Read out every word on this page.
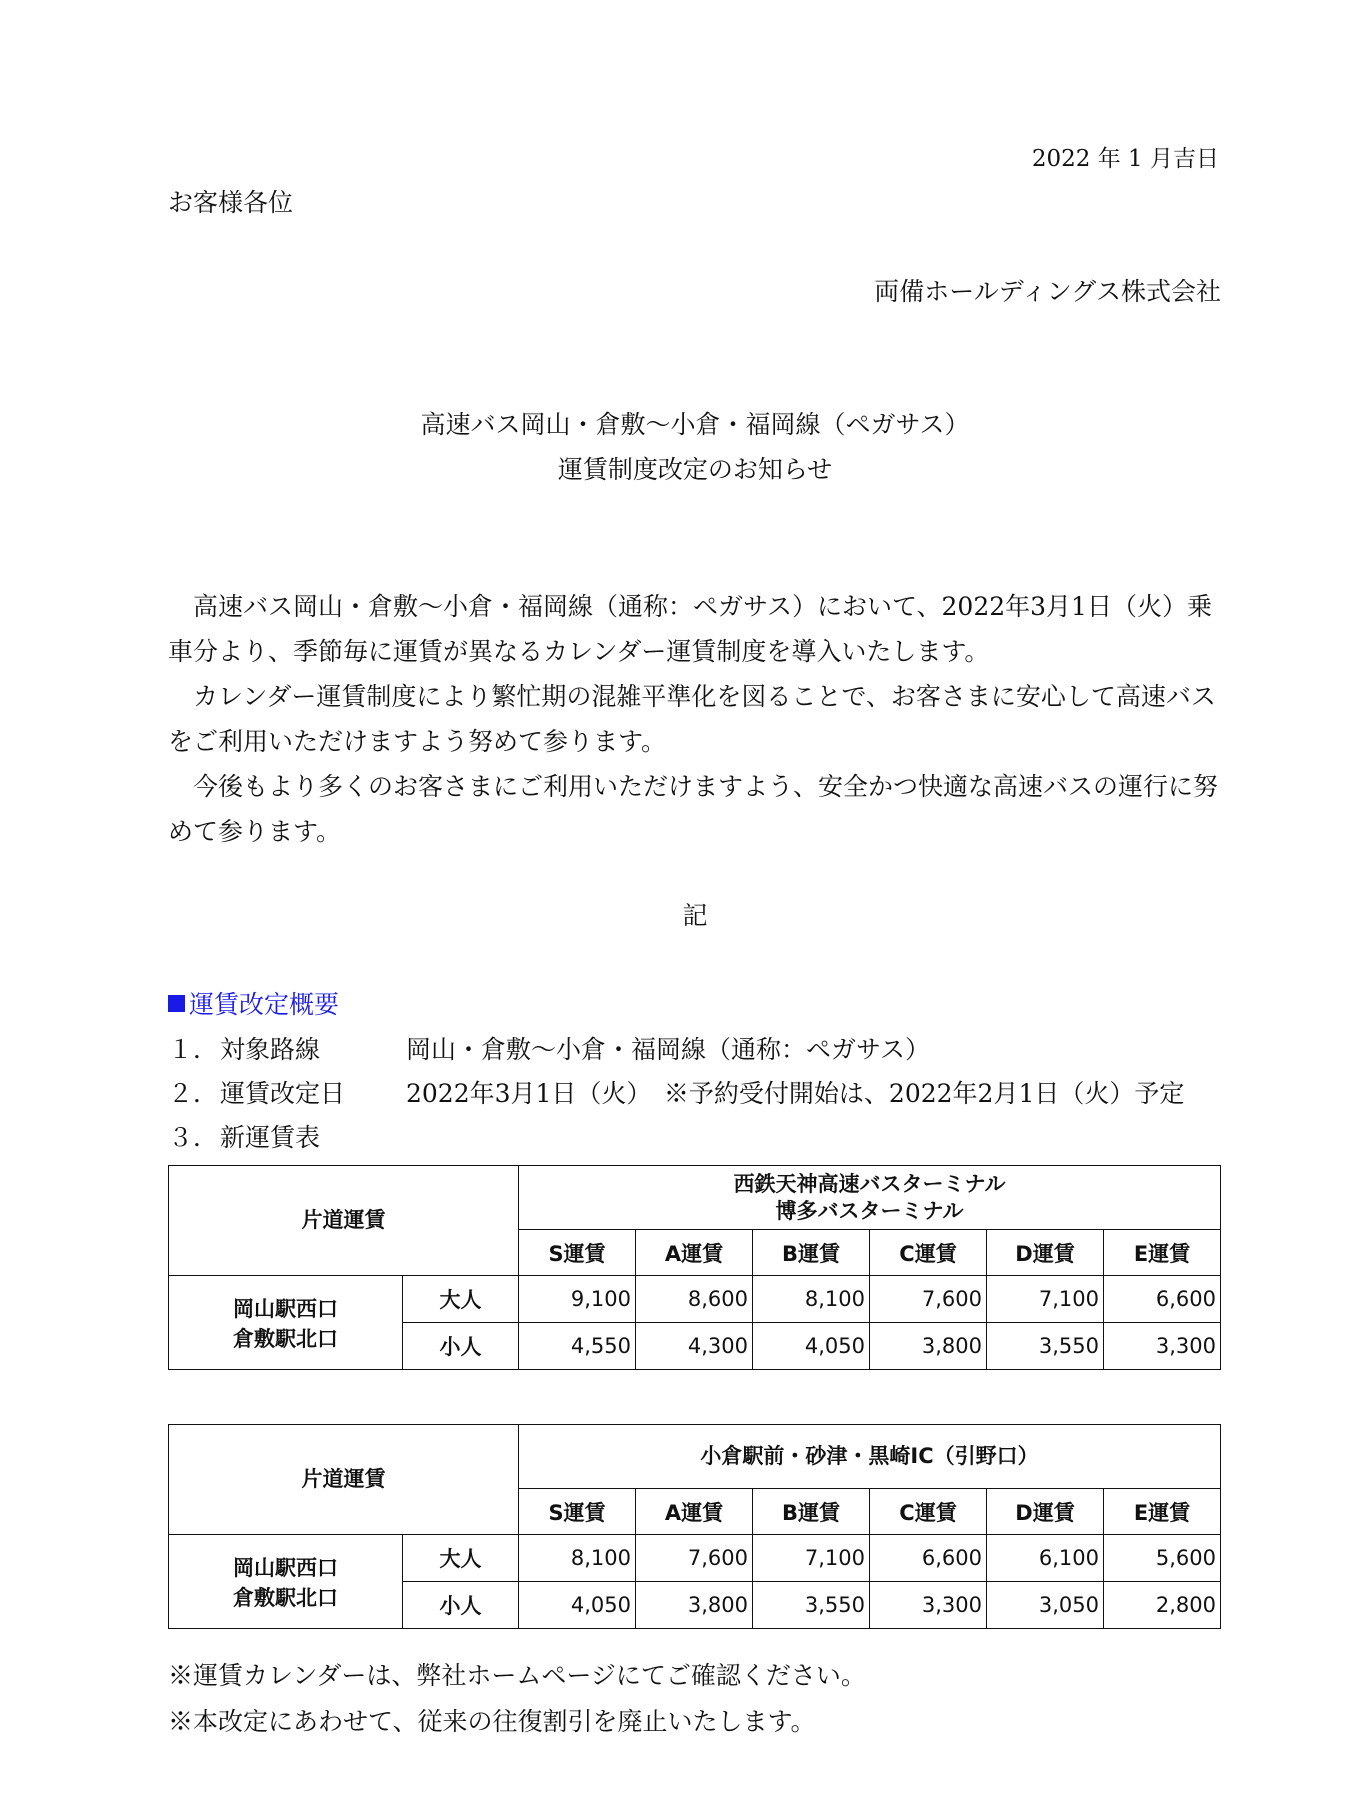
2022 年 1 月吉日
お客様各位
両備ホールディングス株式会社
高速バス岡山・倉敷～小倉・福岡線（ペガサス）
運賃制度改定のお知らせ

高速バス岡山・倉敷～小倉・福岡線（通称：ペガサス）において、2022年3月1日（火）乗車分より、季節毎に運賃が異なるカレンダー運賃制度を導入いたします。

カレンダー運賃制度により繁忙期の混雑平準化を図ることで、お客さまに安心して高速バスをご利用いただけますよう努めて参ります。

今後もより多くのお客さまにご利用いただけますよう、安全かつ快適な高速バスの運行に努めて参ります。

記
運賃改定概要
１．対象路線	岡山・倉敷～小倉・福岡線（通称：ペガサス）
２．運賃改定日 2022年3月1日（火）　※予約受付開始は、2022年2月1日（火）予定
３．新運賃表
片道運賃		西鉄天神高速バスターミナル
博多バスターミナル					
		S運賃	A運賃	B運賃	C運賃	D運賃	E運賃
岡山駅西口
倉敷駅北口	大人	9,100	8,600	8,100	7,600	7,100	6,600
	小人	4,550	4,300	4,050	3,800	3,550	3,300
片道運賃		小倉駅前・砂津・黒崎IC（引野口）					
		S運賃	A運賃	B運賃	C運賃	D運賃	E運賃
岡山駅西口
倉敷駅北口	大人	8,100	7,600	7,100	6,600	6,100	5,600
	小人	4,050	3,800	3,550	3,300	3,050	2,800
※運賃カレンダーは、弊社ホームページにてご確認ください。
※本改定にあわせて、従来の往復割引を廃止いたします。
